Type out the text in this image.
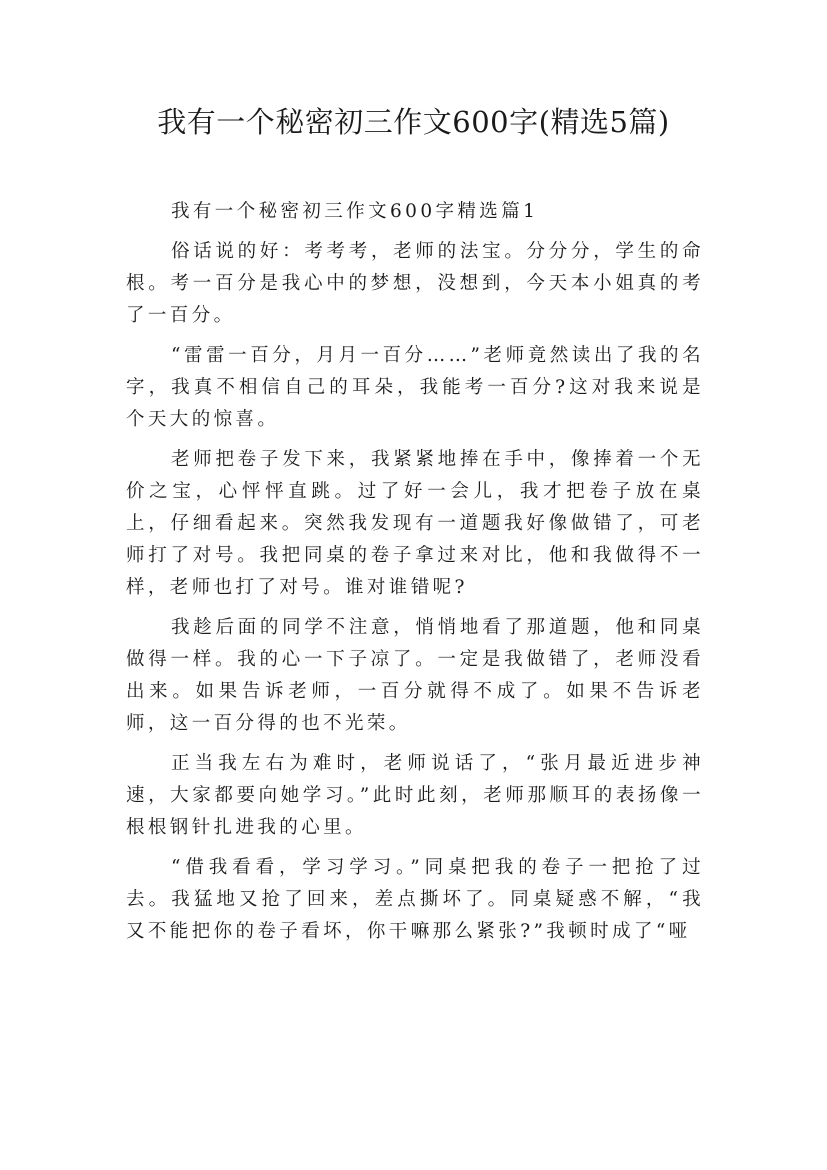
我有一个秘密初三作文600字(精选5篇)

我有一个秘密初三作文600字精选篇1

俗话说的好：考考考，老师的法宝。分分分，学生的命根。考一百分是我心中的梦想，没想到，今天本小姐真的考了一百分。

“雷雷一百分，月月一百分……”老师竟然读出了我的名字，我真不相信自己的耳朵，我能考一百分?这对我来说是个天大的惊喜。

老师把卷子发下来，我紧紧地捧在手中，像捧着一个无价之宝，心怦怦直跳。过了好一会儿，我才把卷子放在桌上，仔细看起来。突然我发现有一道题我好像做错了，可老师打了对号。我把同桌的卷子拿过来对比，他和我做得不一样，老师也打了对号。谁对谁错呢?

我趁后面的同学不注意，悄悄地看了那道题，他和同桌做得一样。我的心一下子凉了。一定是我做错了，老师没看出来。如果告诉老师，一百分就得不成了。如果不告诉老师，这一百分得的也不光荣。

正当我左右为难时，老师说话了，“张月最近进步神速，大家都要向她学习。”此时此刻，老师那顺耳的表扬像一根根钢针扎进我的心里。

“借我看看，学习学习。”同桌把我的卷子一把抢了过去。我猛地又抢了回来，差点撕坏了。同桌疑惑不解，“我又不能把你的卷子看坏，你干嘛那么紧张?”我顿时成了“哑
